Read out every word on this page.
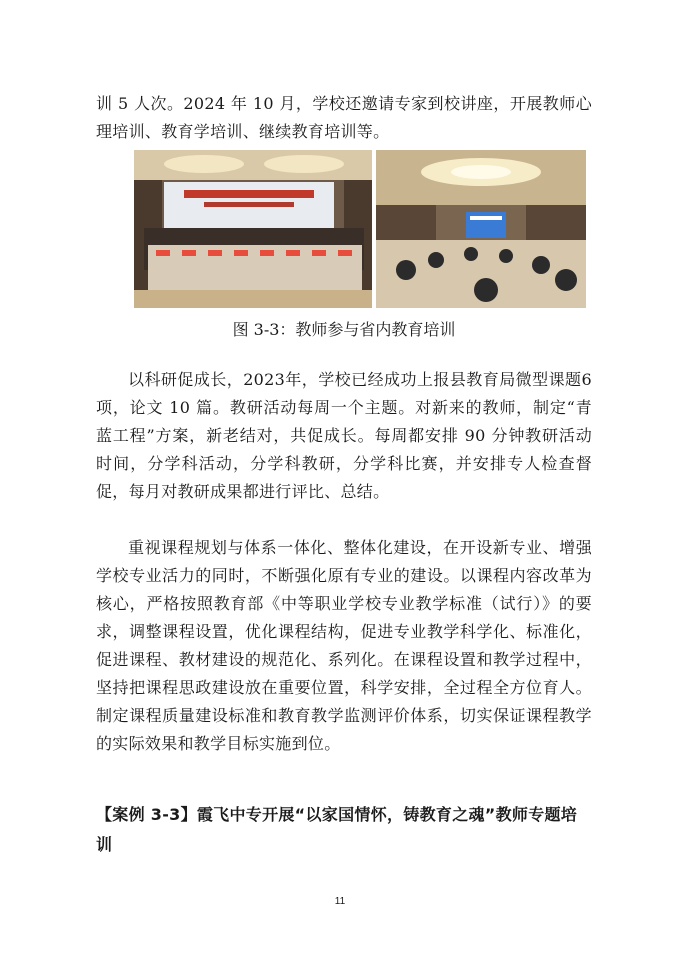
训 5 人次。2024 年 10 月，学校还邀请专家到校讲座，开展教师心理培训、教育学培训、继续教育培训等。

图 3-3：教师参与省内教育培训

以科研促成长，2023年，学校已经成功上报县教育局微型课题6项，论文 10 篇。教研活动每周一个主题。对新来的教师，制定“青蓝工程”方案，新老结对，共促成长。每周都安排 90 分钟教研活动时间，分学科活动，分学科教研，分学科比赛，并安排专人检查督促，每月对教研成果都进行评比、总结。

重视课程规划与体系一体化、整体化建设，在开设新专业、增强学校专业活力的同时，不断强化原有专业的建设。以课程内容改革为核心，严格按照教育部《中等职业学校专业教学标准（试行）》的要求，调整课程设置，优化课程结构，促进专业教学科学化、标准化，促进课程、教材建设的规范化、系列化。在课程设置和教学过程中，坚持把课程思政建设放在重要位置，科学安排，全过程全方位育人。制定课程质量建设标准和教育教学监测评价体系，切实保证课程教学的实际效果和教学目标实施到位。

【案例 3-3】霞飞中专开展“以家国情怀，铸教育之魂”教师专题培训

11
